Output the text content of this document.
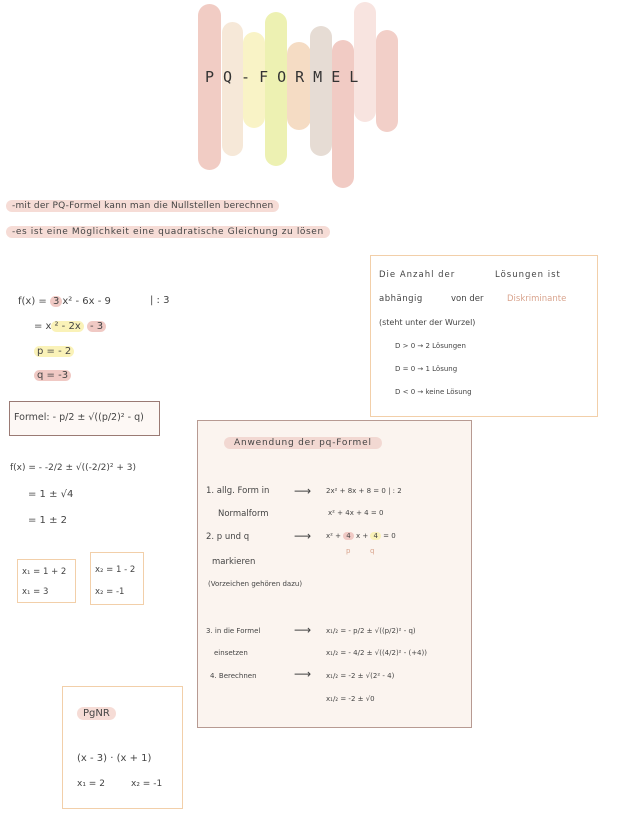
PQ-FORMEL
-mit der PQ-Formel kann man die Nullstellen berechnen
-es ist eine Möglichkeit eine quadratische Gleichung zu lösen
f(x) = 3 x² - 6x - 9	| : 3
= x ² - 2x - 3
p = - 2
q = -3
Formel: - p/2 ± √((p/2)² - q)
f(x) = - -2/2 ± √((-2/2)² + 3)
= 1 ± √4
= 1 ± 2
x₁ = 1 + 2
x₁ = 3
x₂ = 1 - 2
x₂ = -1
PgNR
(x - 3) · (x + 1)
x₁ = 2	x₂ = -1
Die Anzahl der	Lösungen ist
abhängig	von der	Diskriminante
(steht unter der Wurzel)
D > 0 → 2 Lösungen
D = 0 → 1 Lösung
D < 0 → keine Lösung
Anwendung der pq-Formel
1. allg. Form in
Normalform
⟶ 2x² + 8x + 8 = 0 | : 2
x² + 4x + 4 = 0
2. p und q
markieren
(Vorzeichen gehören dazu)
⟶ x² + 4 x + 4 = 0
p	q
3. in die Formel
einsetzen
4. Berechnen
⟶
⟶
x₁/₂ = - p/2 ± √((p/2)² - q)
x₁/₂ = - 4/2 ± √((4/2)² - (+4))
x₁/₂ = -2 ± √(2² - 4)
x₁/₂ = -2 ± √0
